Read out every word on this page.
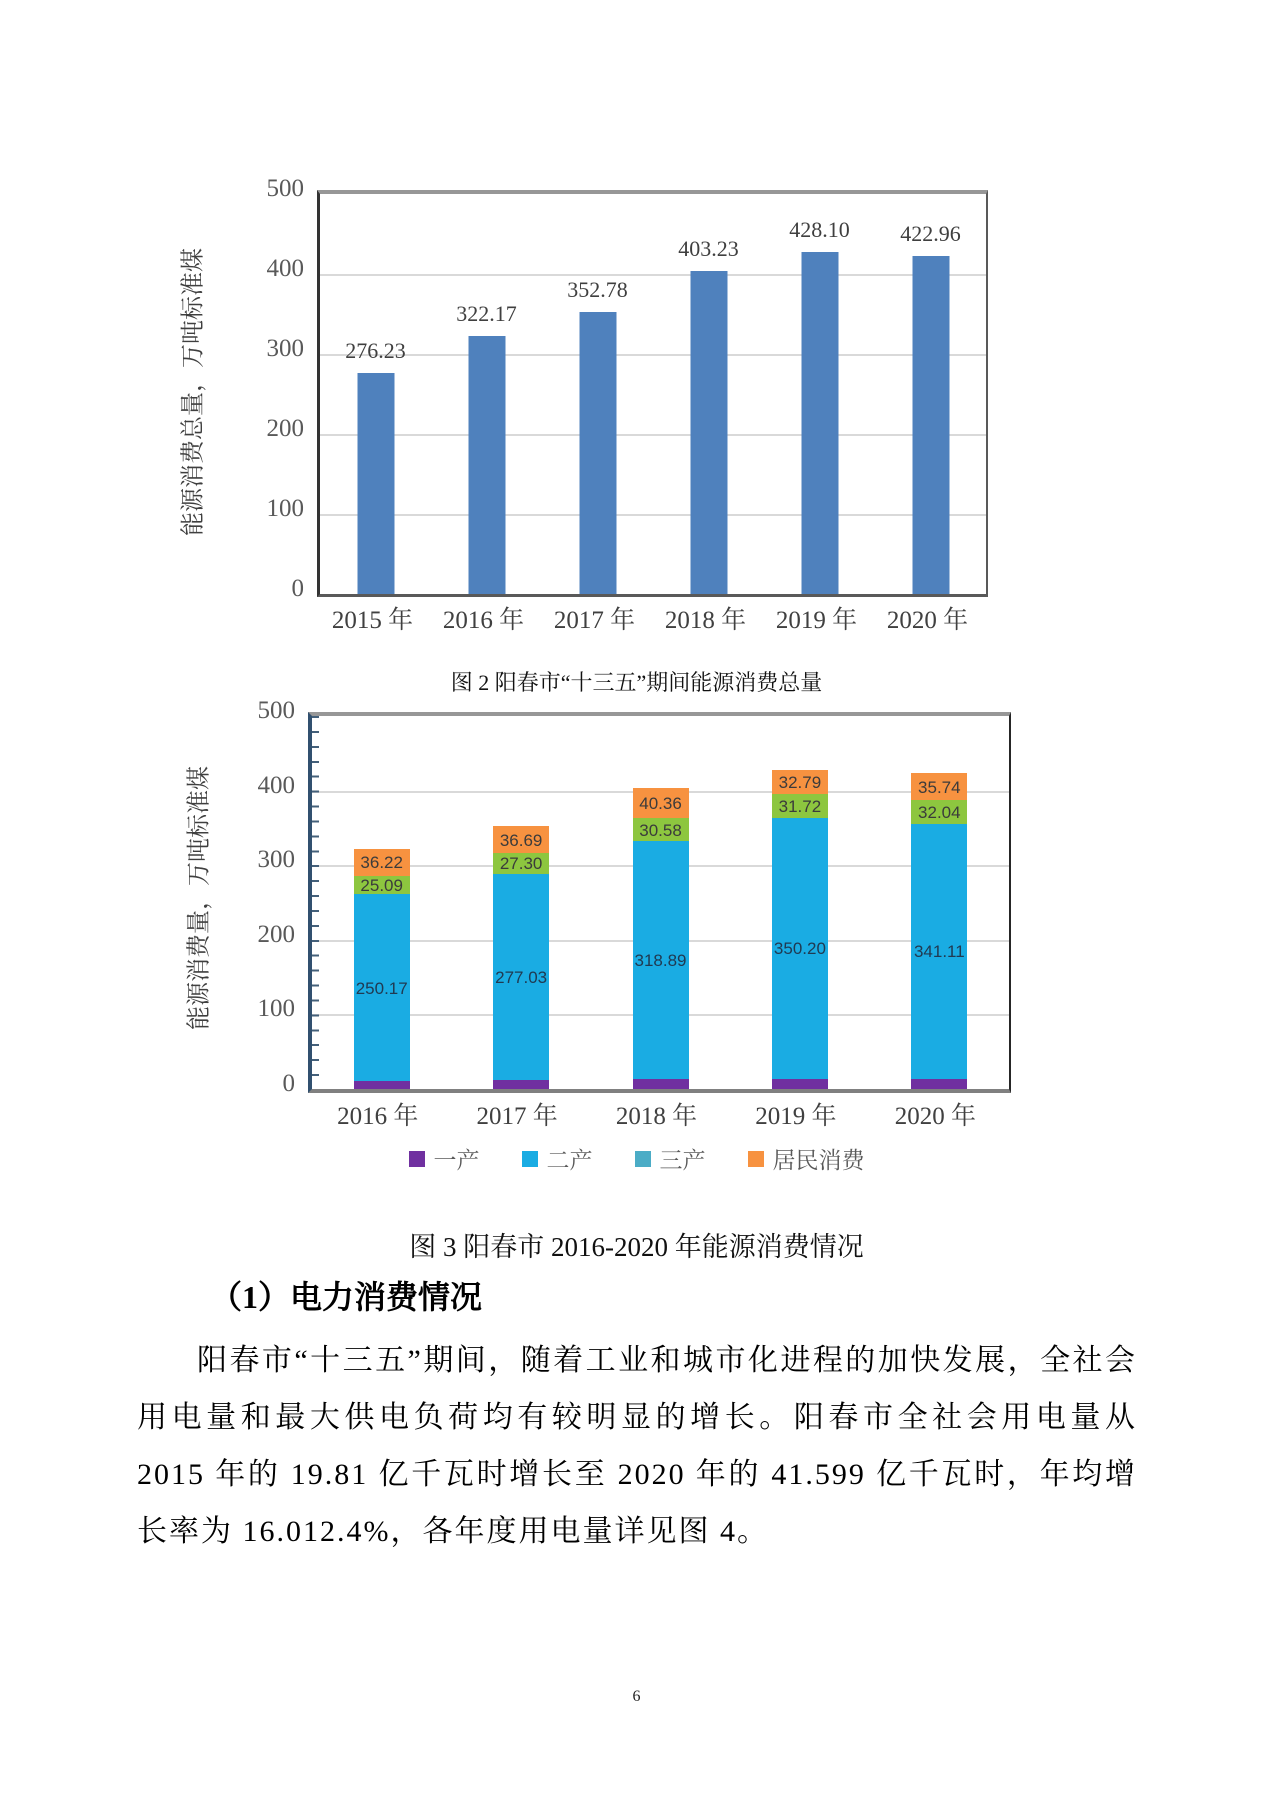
能源消费总量，万吨标准煤
500
400
300
200
100
0
276.23
322.17
352.78
403.23
428.10 422.96
2015 年	2016 年	2017 年	2018 年	2019 年	2020 年

图 2 阳春市“十三五”期间能源消费总量

能源消费量，万吨标准煤
500
400
300
200
100
0
250.17
25.09
36.22
277.03
27.30
36.69
318.89
30.58
40.36
350.20
31.72
32.79
341.11
32.04
35.74
2016 年	2017 年	2018 年	2019 年	2020 年
一产	二产	三产	居民消费

图 3 阳春市 2016-2020 年能源消费情况

（1）电力消费情况

阳春市“十三五”期间，随着工业和城市化进程的加快发展，全社会用电量和最大供电负荷均有较明显的增长。阳春市全社会用电量从 2015 年的 19.81 亿千瓦时增长至 2020 年的 41.599 亿千瓦时，年均增长率为 16.012.4%，各年度用电量详见图 4。

6
